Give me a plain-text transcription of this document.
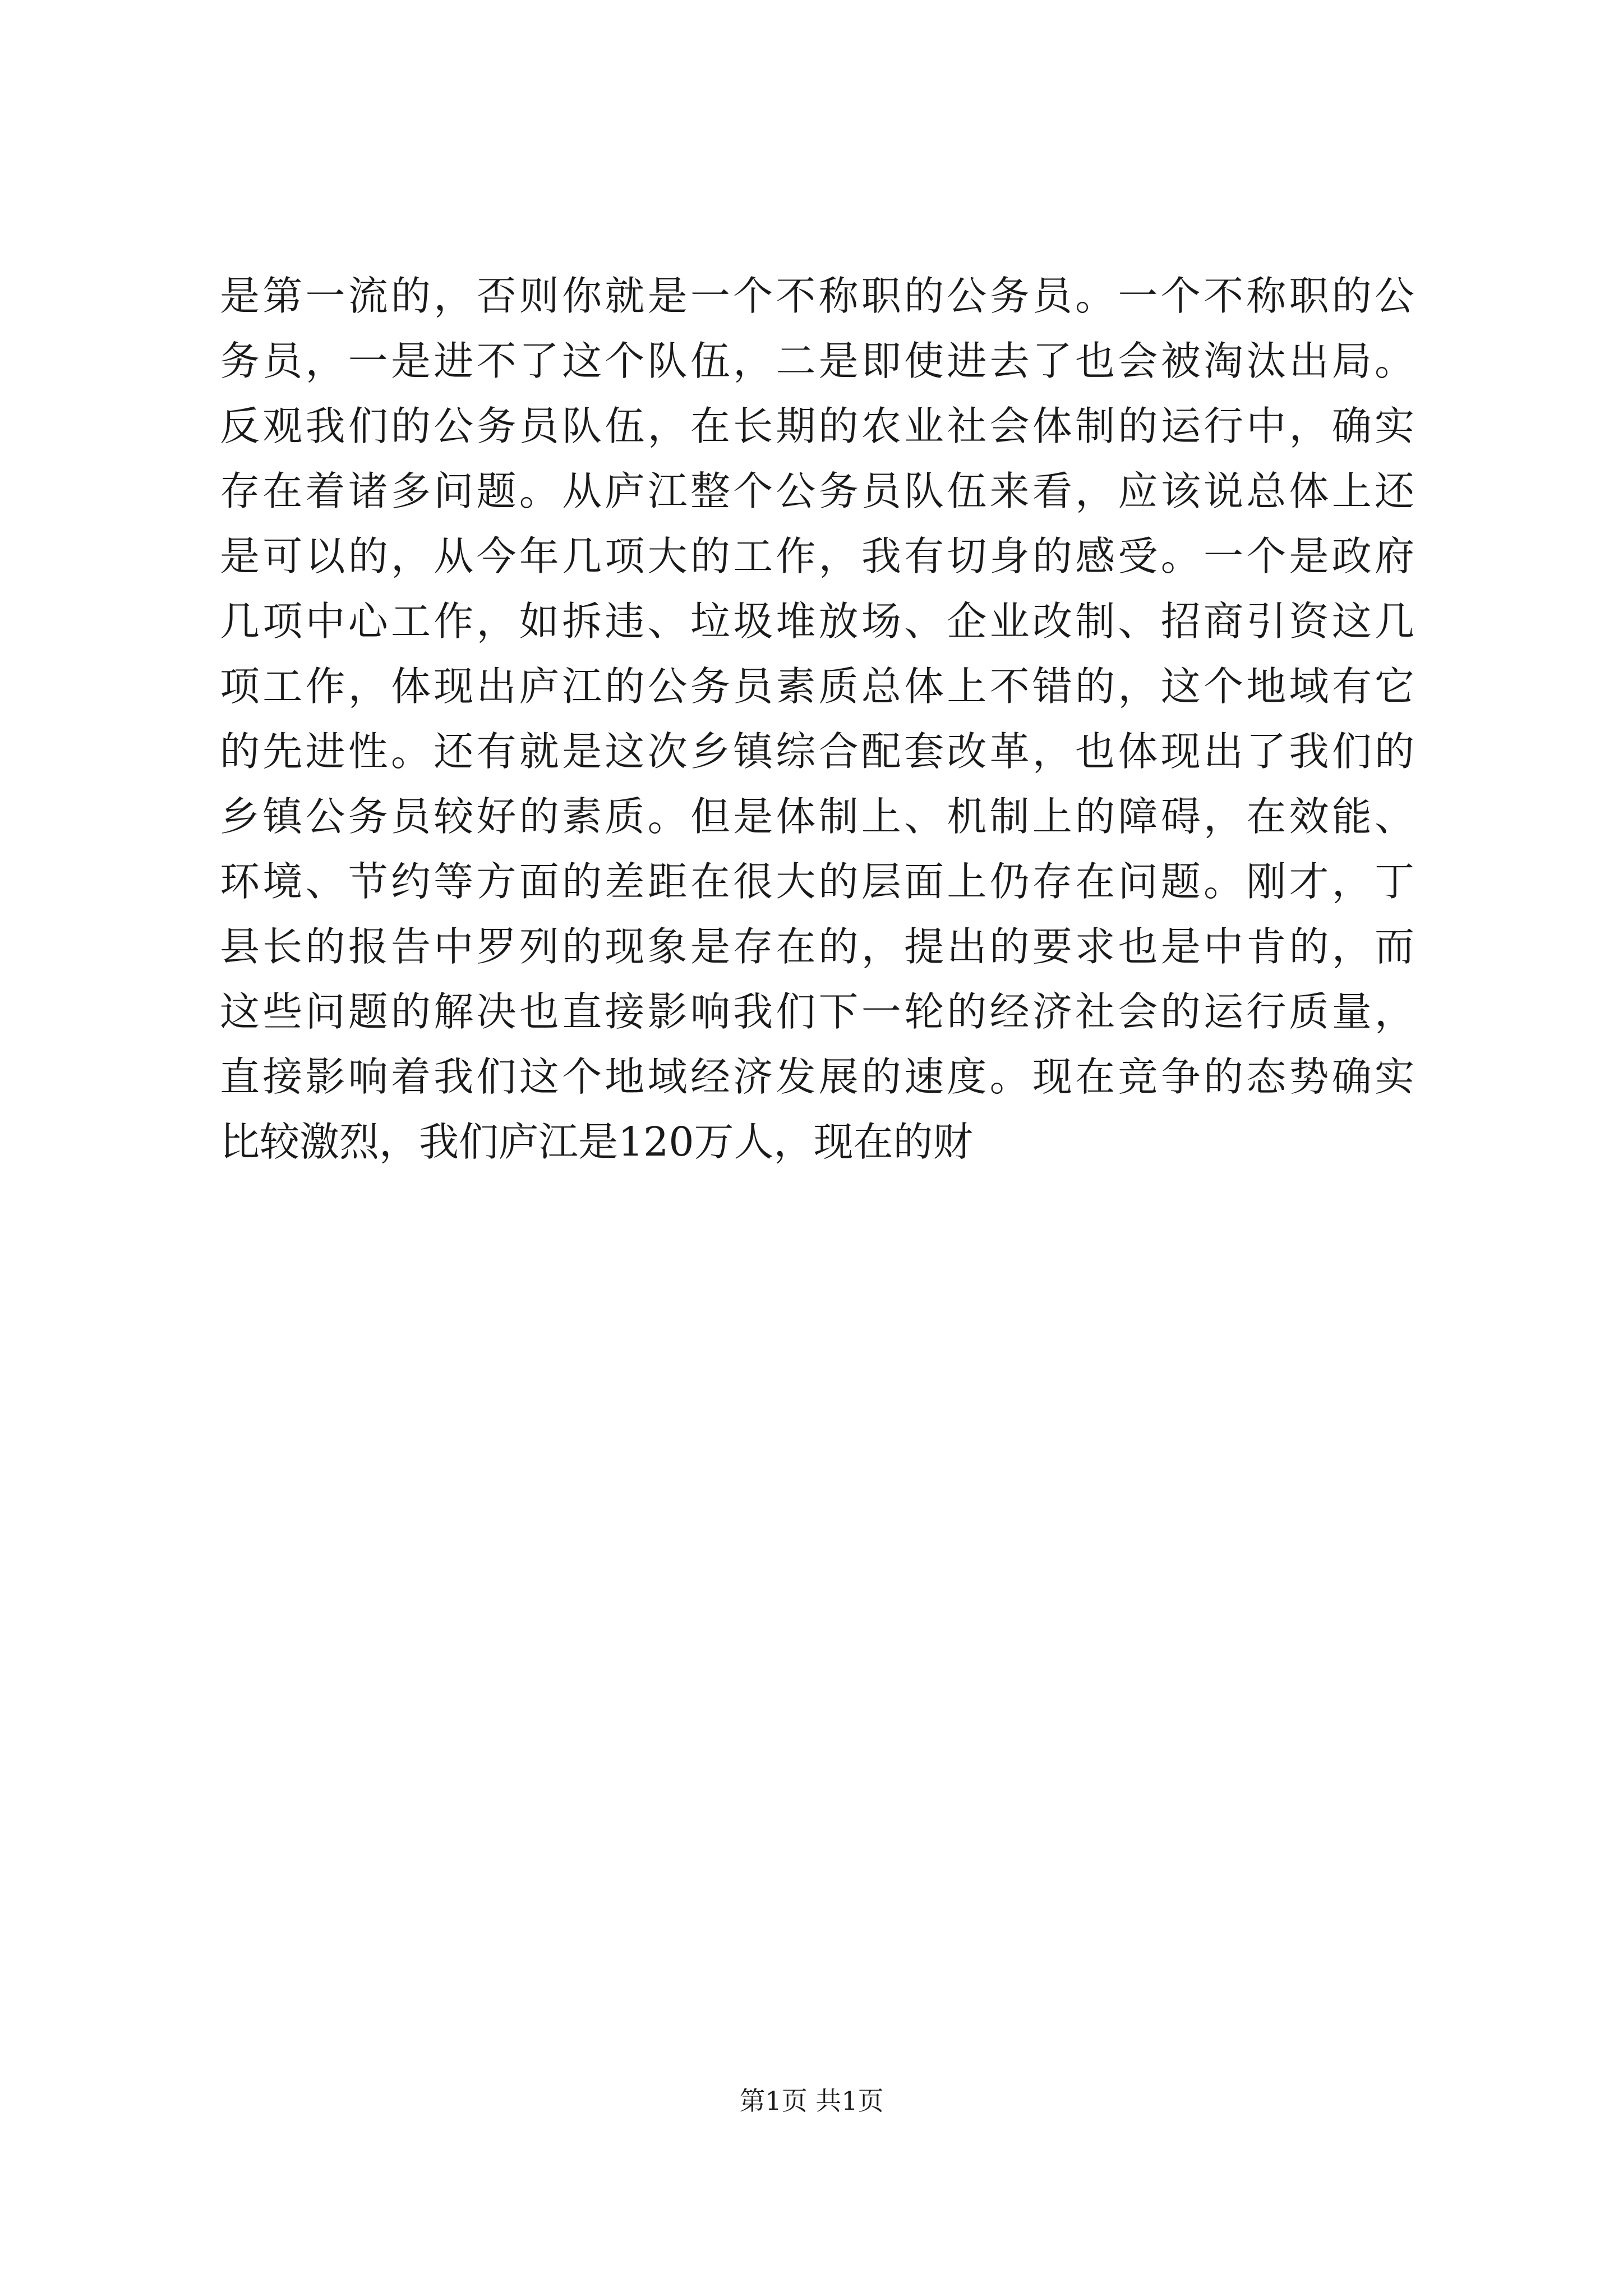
是第一流的，否则你就是一个不称职的公务员。一个不称职的公
务员，一是进不了这个队伍，二是即使进去了也会被淘汰出局。
反观我们的公务员队伍，在长期的农业社会体制的运行中，确实
存在着诸多问题。从庐江整个公务员队伍来看，应该说总体上还
是可以的，从今年几项大的工作，我有切身的感受。一个是政府
几项中心工作，如拆违、垃圾堆放场、企业改制、招商引资这几
项工作，体现出庐江的公务员素质总体上不错的，这个地域有它
的先进性。还有就是这次乡镇综合配套改革，也体现出了我们的
乡镇公务员较好的素质。但是体制上、机制上的障碍，在效能、
环境、节约等方面的差距在很大的层面上仍存在问题。刚才，丁
县长的报告中罗列的现象是存在的，提出的要求也是中肯的，而
这些问题的解决也直接影响我们下一轮的经济社会的运行质量，
直接影响着我们这个地域经济发展的速度。现在竞争的态势确实
比较激烈，我们庐江是120万人，现在的财
第1页 共1页
